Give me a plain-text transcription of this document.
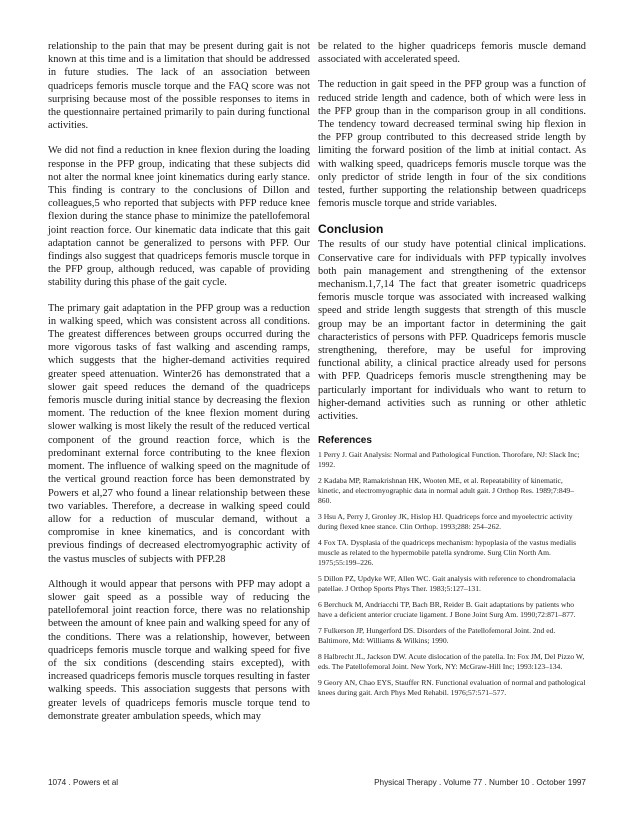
relationship to the pain that may be present during gait is not known at this time and is a limitation that should be addressed in future studies. The lack of an association between quadriceps femoris muscle torque and the FAQ score was not surprising because most of the possible responses to items in the questionnaire pertained primarily to pain during functional activities.

We did not find a reduction in knee flexion during the loading response in the PFP group, indicating that these subjects did not alter the normal knee joint kinematics during early stance. This finding is contrary to the conclusions of Dillon and colleagues,5 who reported that subjects with PFP reduce knee flexion during the stance phase to minimize the patellofemoral joint reaction force. Our kinematic data indicate that this gait adaptation cannot be generalized to persons with PFP. Our findings also suggest that quadriceps femoris muscle torque in the PFP group, although reduced, was capable of providing stability during this phase of the gait cycle.

The primary gait adaptation in the PFP group was a reduction in walking speed, which was consistent across all conditions. The greatest differences between groups occurred during the more vigorous tasks of fast walking and ascending ramps, which suggests that the higher-demand activities required greater speed attenuation. Winter26 has demonstrated that a slower gait speed reduces the demand of the quadriceps femoris muscle during initial stance by decreasing the flexion moment. The reduction of the knee flexion moment during slower walking is most likely the result of the reduced vertical component of the ground reaction force, which is the predominant external force contributing to the knee flexion moment. The influence of walking speed on the magnitude of the vertical ground reaction force has been demonstrated by Powers et al,27 who found a linear relationship between these two variables. Therefore, a decrease in walking speed could allow for a reduction of muscular demand, without a compromise in knee kinematics, and is concordant with previous findings of decreased electromyographic activity of the vastus muscles of subjects with PFP.28

Although it would appear that persons with PFP may adopt a slower gait speed as a possible way of reducing the patellofemoral joint reaction force, there was no relationship between the amount of knee pain and walking speed for any of the conditions. There was a relationship, however, between quadriceps femoris muscle torque and walking speed for five of the six conditions (descending stairs excepted), with increased quadriceps femoris muscle torques resulting in faster walking speeds. This association suggests that persons with greater levels of quadriceps femoris muscle torque tend to demonstrate greater ambulation speeds, which may

be related to the higher quadriceps femoris muscle demand associated with accelerated speed.

The reduction in gait speed in the PFP group was a function of reduced stride length and cadence, both of which were less in the PFP group than in the comparison group in all conditions. The tendency toward decreased terminal swing hip flexion in the PFP group contributed to this decreased stride length by limiting the forward position of the limb at initial contact. As with walking speed, quadriceps femoris muscle torque was the only predictor of stride length in four of the six conditions tested, further supporting the relationship between quadriceps femoris muscle torque and stride variables.

Conclusion

The results of our study have potential clinical implications. Conservative care for individuals with PFP typically involves both pain management and strengthening of the extensor mechanism.1,7,14 The fact that greater isometric quadriceps femoris muscle torque was associated with increased walking speed and stride length suggests that strength of this muscle group may be an important factor in determining the gait characteristics of persons with PFP. Quadriceps femoris muscle strengthening, therefore, may be useful for improving functional ability, a clinical practice already used for persons with PFP. Quadriceps femoris muscle strengthening may be particularly important for individuals who want to return to higher-demand activities such as running or other athletic activities.

References

1 Perry J. Gait Analysis: Normal and Pathological Function. Thorofare, NJ: Slack Inc; 1992.

2 Kadaba MP, Ramakrishnan HK, Wooten ME, et al. Repeatability of kinematic, kinetic, and electromyographic data in normal adult gait. J Orthop Res. 1989;7:849–860.

3 Hsu A, Perry J, Gronley JK, Hislop HJ. Quadriceps force and myoelectric activity during flexed knee stance. Clin Orthop. 1993;288: 254–262.

4 Fox TA. Dysplasia of the quadriceps mechanism: hypoplasia of the vastus medialis muscle as related to the hypermobile patella syndrome. Surg Clin North Am. 1975;55:199–226.

5 Dillon PZ, Updyke WF, Allen WC. Gait analysis with reference to chondromalacia patellae. J Orthop Sports Phys Ther. 1983;5:127–131.

6 Berchuck M, Andriacchi TP, Bach BR, Reider B. Gait adaptations by patients who have a deficient anterior cruciate ligament. J Bone Joint Surg Am. 1990;72:871–877.

7 Fulkerson JP, Hungerford DS. Disorders of the Patellofemoral Joint. 2nd ed. Baltimore, Md: Williams & Wilkins; 1990.

8 Halbrecht JL, Jackson DW. Acute dislocation of the patella. In: Fox JM, Del Pizzo W, eds. The Patellofemoral Joint. New York, NY: McGraw-Hill Inc; 1993:123–134.

9 Geory AN, Chao EYS, Stauffer RN. Functional evaluation of normal and pathological knees during gait. Arch Phys Med Rehabil. 1976;57:571–577.

1074 . Powers et al	Physical Therapy . Volume 77 . Number 10 . October 1997
